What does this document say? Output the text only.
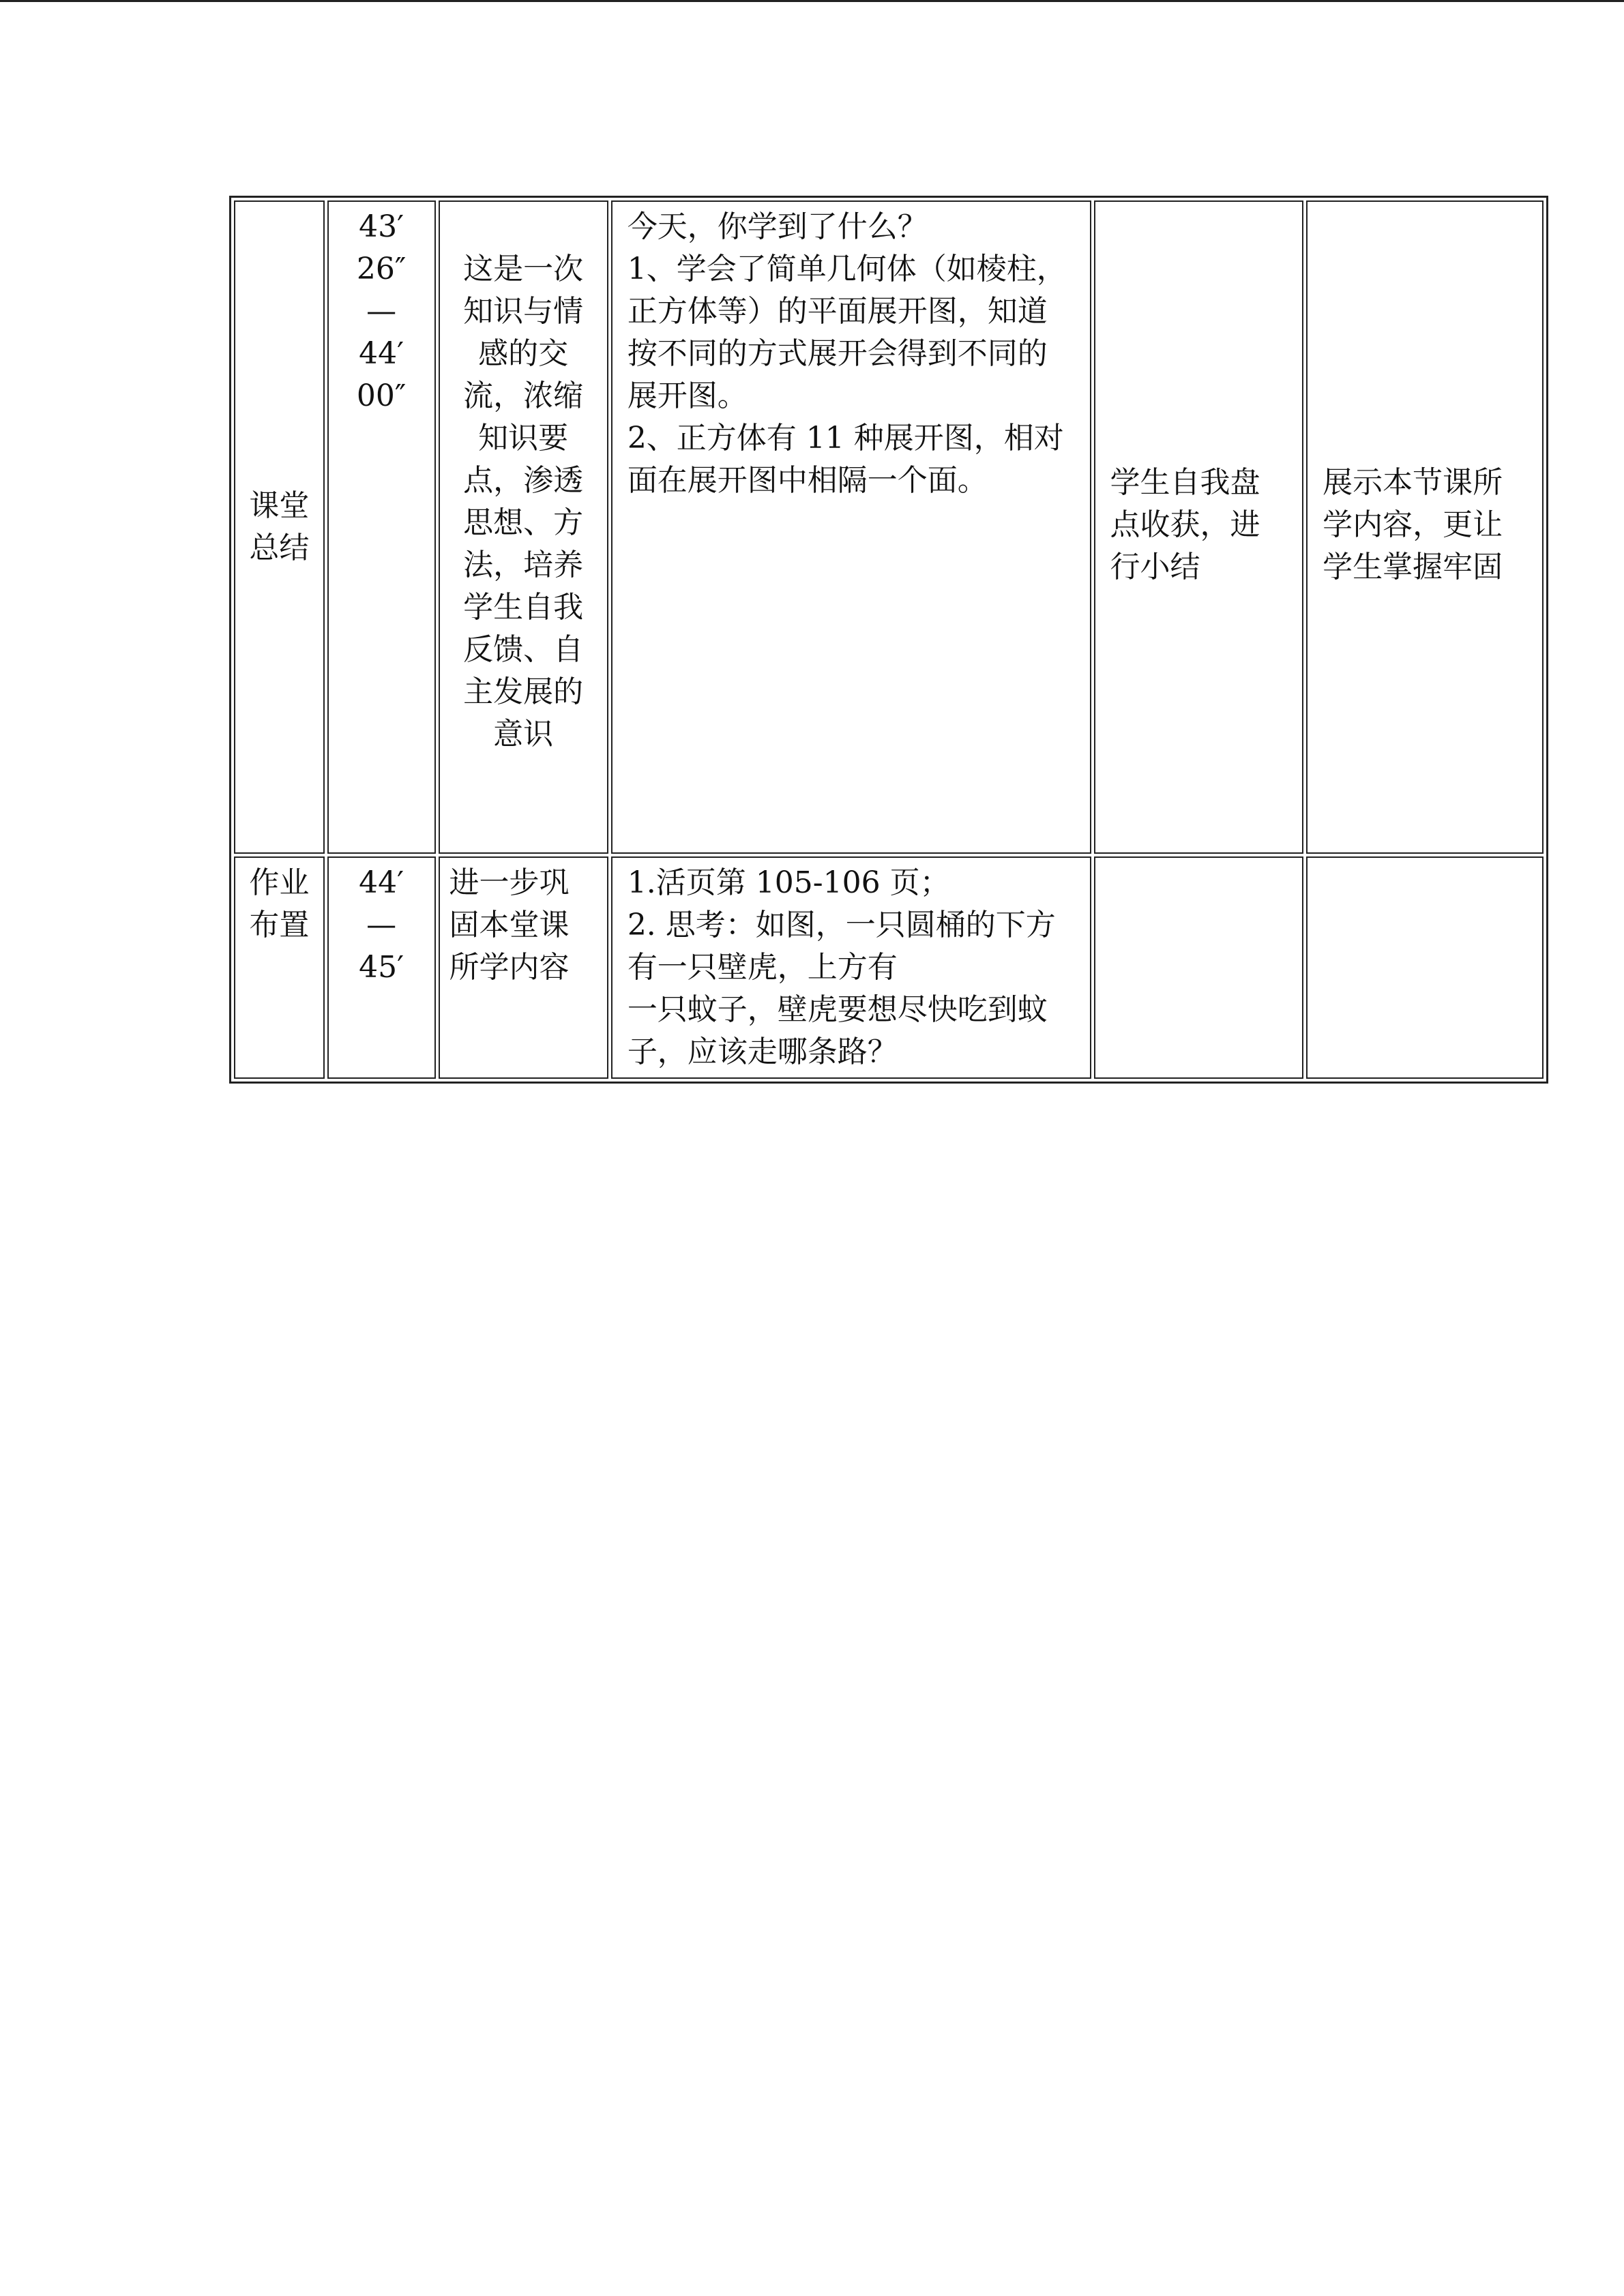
课堂总结	43′
26″
—
44′
00″	这是一次知识与情感的交流，浓缩知识要点，渗透思想、方法，培养学生自我反馈、自主发展的意识	今天，你学到了什么？
1、学会了简单几何体（如棱柱，正方体等）的平面展开图，知道按不同的方式展开会得到不同的展开图。
2、正方体有 11 种展开图，相对面在展开图中相隔一个面。	学生自我盘点收获，进行小结	展示本节课所学内容，更让学生掌握牢固
作业布置	44′
—
45′	进一步巩固本堂课所学内容	1.活页第 105-106 页；
2. 思考：如图，一只圆桶的下方有一只壁虎，上方有
一只蚊子，壁虎要想尽快吃到蚊子，应该走哪条路？		
